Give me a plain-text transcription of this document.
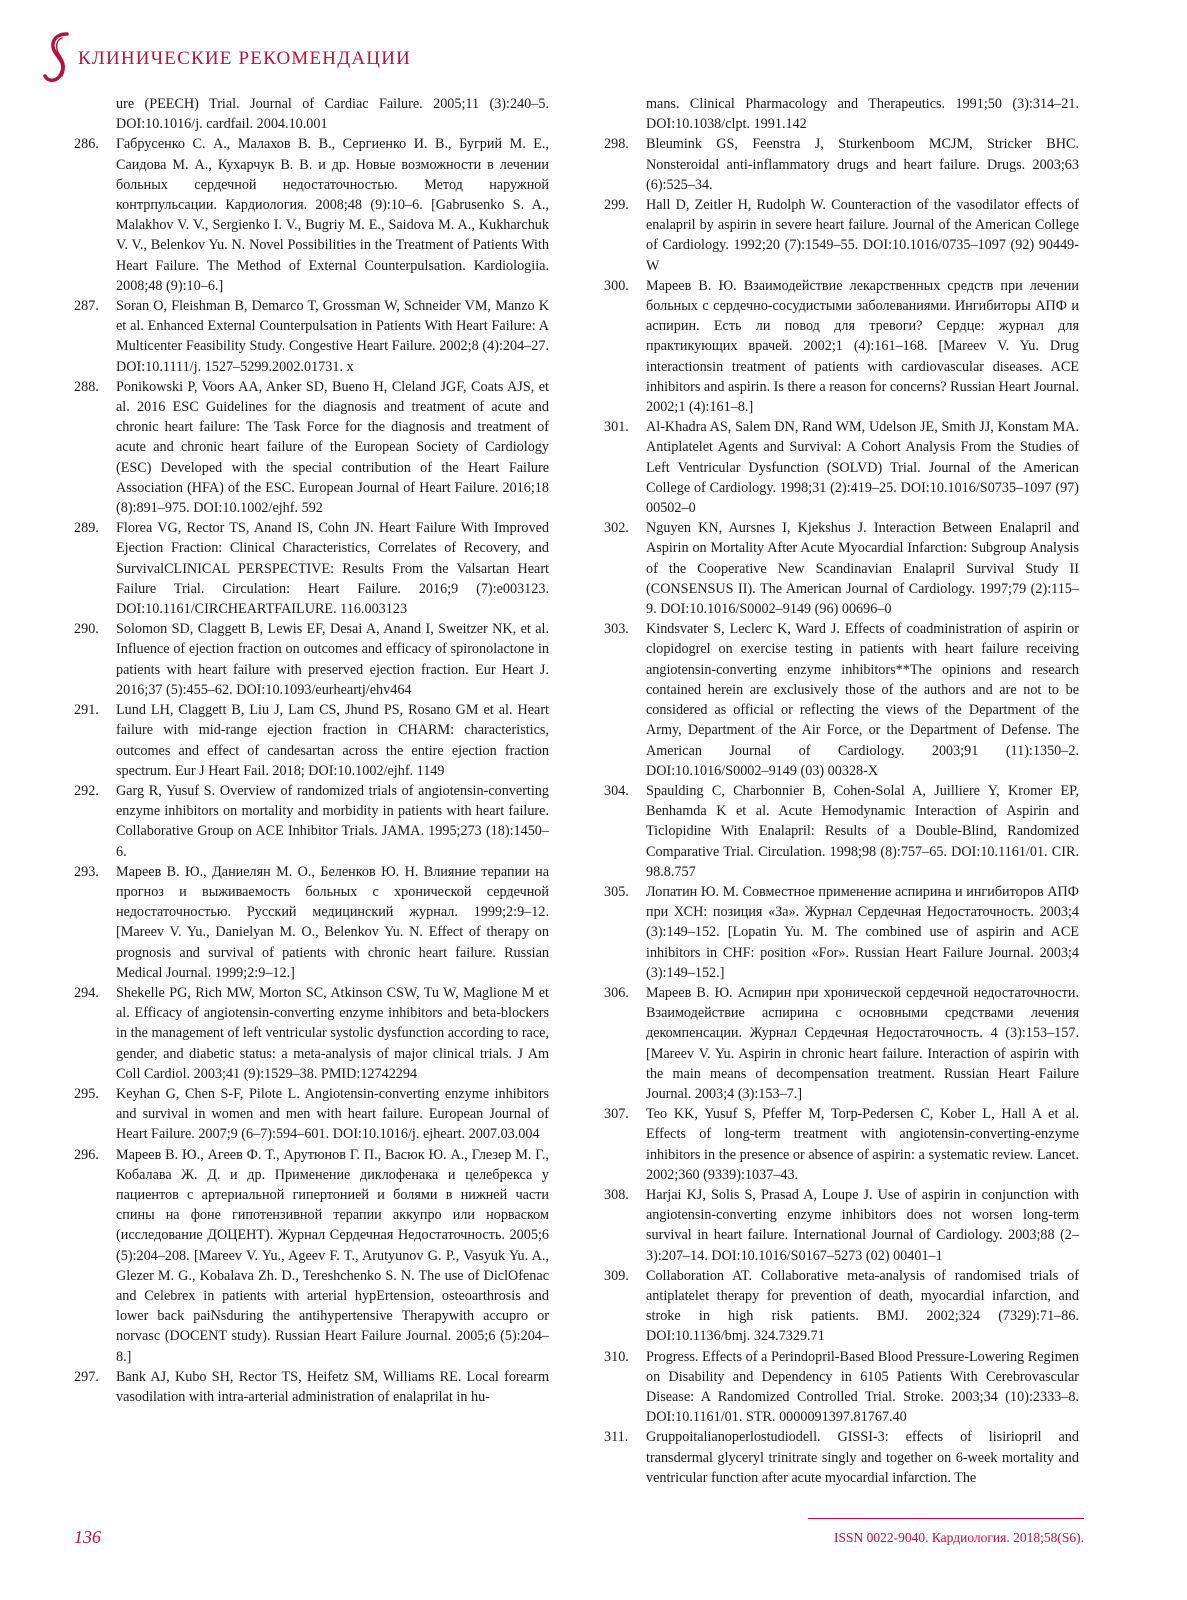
КЛИНИЧЕСКИЕ РЕКОМЕНДАЦИИ
ure (PEECH) Trial. Journal of Cardiac Failure. 2005;11 (3):240–5. DOI:10.1016/j. cardfail. 2004.10.001
286.	Габрусенко С. А., Малахов В. В., Сергиенко И. В., Бугрий М. Е., Саидова М. А., Кухарчук В. В. и др. Новые возможности в лечении больных сердечной недостаточностью. Метод наружной контрпульсации. Кардиология. 2008;48 (9):10–6. [Gabrusenko S. A., Malakhov V. V., Sergienko I. V., Bugriy M. E., Saidova M. A., Kukharchuk V. V., Belenkov Yu. N. Novel Possibilities in the Treatment of Patients With Heart Failure. The Method of External Counterpulsation. Kardiologiia. 2008;48 (9):10–6.]
287.	Soran O, Fleishman B, Demarco T, Grossman W, Schneider VM, Manzo K et al. Enhanced External Counterpulsation in Patients With Heart Failure: A Multicenter Feasibility Study. Congestive Heart Failure. 2002;8 (4):204–27. DOI:10.1111/j. 1527–5299.2002.01731. x
288.	Ponikowski P, Voors AA, Anker SD, Bueno H, Cleland JGF, Coats AJS, et al. 2016 ESC Guidelines for the diagnosis and treatment of acute and chronic heart failure: The Task Force for the diagnosis and treatment of acute and chronic heart failure of the European Society of Cardiology (ESC) Developed with the special contribution of the Heart Failure Association (HFA) of the ESC. European Journal of Heart Failure. 2016;18 (8):891–975. DOI:10.1002/ejhf. 592
289.	Florea VG, Rector TS, Anand IS, Cohn JN. Heart Failure With Improved Ejection Fraction: Clinical Characteristics, Correlates of Recovery, and SurvivalCLINICAL PERSPECTIVE: Results From the Valsartan Heart Failure Trial. Circulation: Heart Failure. 2016;9 (7):e003123. DOI:10.1161/CIRCHEARTFAILURE. 116.003123
290.	Solomon SD, Claggett B, Lewis EF, Desai A, Anand I, Sweitzer NK, et al. Influence of ejection fraction on outcomes and efficacy of spironolactone in patients with heart failure with preserved ejection fraction. Eur Heart J. 2016;37 (5):455–62. DOI:10.1093/eurheartj/ehv464
291.	Lund LH, Claggett B, Liu J, Lam CS, Jhund PS, Rosano GM et al. Heart failure with mid-range ejection fraction in CHARM: characteristics, outcomes and effect of candesartan across the entire ejection fraction spectrum. Eur J Heart Fail. 2018; DOI:10.1002/ejhf. 1149
292.	Garg R, Yusuf S. Overview of randomized trials of angiotensin-converting enzyme inhibitors on mortality and morbidity in patients with heart failure. Collaborative Group on ACE Inhibitor Trials. JAMA. 1995;273 (18):1450–6.
293.	Мареев В. Ю., Даниелян М. О., Беленков Ю. Н. Влияние терапии на прогноз и выживаемость больных с хронической сердечной недостаточностью. Русский медицинский журнал. 1999;2:9–12. [Mareev V. Yu., Danielyan M. O., Belenkov Yu. N. Effect of therapy on prognosis and survival of patients with chronic heart failure. Russian Medical Journal. 1999;2:9–12.]
294.	Shekelle PG, Rich MW, Morton SC, Atkinson CSW, Tu W, Maglione M et al. Efficacy of angiotensin-converting enzyme inhibitors and beta-blockers in the management of left ventricular systolic dysfunction according to race, gender, and diabetic status: a meta-analysis of major clinical trials. J Am Coll Cardiol. 2003;41 (9):1529–38. PMID:12742294
295.	Keyhan G, Chen S-F, Pilote L. Angiotensin-converting enzyme inhibitors and survival in women and men with heart failure. European Journal of Heart Failure. 2007;9 (6–7):594–601. DOI:10.1016/j. ejheart. 2007.03.004
296.	Мареев В. Ю., Агеев Ф. Т., Арутюнов Г. П., Васюк Ю. А., Глезер М. Г., Кобалава Ж. Д. и др. Применение диклофенака и целебрекса у пациентов с артериальной гипертонией и болями в нижней части спины на фоне гипотензивной терапии аккупро или норваском (исследование ДОЦЕНТ). Журнал Сердечная Недостаточность. 2005;6 (5):204–208. [Mareev V. Yu., Ageev F. T., Arutyunov G. P., Vasyuk Yu. A., Glezer M. G., Kobalava Zh. D., Tereshchenko S. N. The use of DiclOfenac and Celebrex in patients with arterial hypErtension, osteoarthrosis and lower back paiNsduring the antihypertensive Therapywith accupro or norvasc (DOCENT study). Russian Heart Failure Journal. 2005;6 (5):204–8.]
297.	Bank AJ, Kubo SH, Rector TS, Heifetz SM, Williams RE. Local forearm vasodilation with intra-arterial administration of enalaprilat in hu-
mans. Clinical Pharmacology and Therapeutics. 1991;50 (3):314–21. DOI:10.1038/clpt. 1991.142
298.	Bleumink GS, Feenstra J, Sturkenboom MCJM, Stricker BHC. Nonsteroidal anti-inflammatory drugs and heart failure. Drugs. 2003;63 (6):525–34.
299.	Hall D, Zeitler H, Rudolph W. Counteraction of the vasodilator effects of enalapril by aspirin in severe heart failure. Journal of the American College of Cardiology. 1992;20 (7):1549–55. DOI:10.1016/0735–1097 (92) 90449-W
300.	Мареев В. Ю. Взаимодействие лекарственных средств при лечении больных с сердечно-сосудистыми заболеваниями. Ингибиторы АПФ и аспирин. Есть ли повод для тревоги? Сердце: журнал для практикующих врачей. 2002;1 (4):161–168. [Mareev V. Yu. Drug interactionsin treatment of patients with cardiovascular diseases. ACE inhibitors and aspirin. Is there a reason for concerns? Russian Heart Journal. 2002;1 (4):161–8.]
301.	Al-Khadra AS, Salem DN, Rand WM, Udelson JE, Smith JJ, Konstam MA. Antiplatelet Agents and Survival: A Cohort Analysis From the Studies of Left Ventricular Dysfunction (SOLVD) Trial. Journal of the American College of Cardiology. 1998;31 (2):419–25. DOI:10.1016/S0735–1097 (97) 00502–0
302.	Nguyen KN, Aursnes I, Kjekshus J. Interaction Between Enalapril and Aspirin on Mortality After Acute Myocardial Infarction: Subgroup Analysis of the Cooperative New Scandinavian Enalapril Survival Study II (CONSENSUS II). The American Journal of Cardiology. 1997;79 (2):115–9. DOI:10.1016/S0002–9149 (96) 00696–0
303.	Kindsvater S, Leclerc K, Ward J. Effects of coadministration of aspirin or clopidogrel on exercise testing in patients with heart failure receiving angiotensin-converting enzyme inhibitors**The opinions and research contained herein are exclusively those of the authors and are not to be considered as official or reflecting the views of the Department of the Army, Department of the Air Force, or the Department of Defense. The American Journal of Cardiology. 2003;91 (11):1350–2. DOI:10.1016/S0002–9149 (03) 00328-X
304.	Spaulding C, Charbonnier B, Cohen-Solal A, Juilliere Y, Kromer EP, Benhamda K et al. Acute Hemodynamic Interaction of Aspirin and Ticlopidine With Enalapril: Results of a Double-Blind, Randomized Comparative Trial. Circulation. 1998;98 (8):757–65. DOI:10.1161/01. CIR. 98.8.757
305.	Лопатин Ю. М. Совместное применение аспирина и ингибиторов АПФ при ХСН: позиция «За». Журнал Сердечная Недостаточность. 2003;4 (3):149–152. [Lopatin Yu. M. The combined use of aspirin and ACE inhibitors in CHF: position «For». Russian Heart Failure Journal. 2003;4 (3):149–152.]
306.	Мареев В. Ю. Аспирин при хронической сердечной недостаточности. Взаимодействие аспирина с основными средствами лечения декомпенсации. Журнал Сердечная Недостаточность. 4 (3):153–157. [Mareev V. Yu. Aspirin in chronic heart failure. Interaction of aspirin with the main means of decompensation treatment. Russian Heart Failure Journal. 2003;4 (3):153–7.]
307.	Teo KK, Yusuf S, Pfeffer M, Torp-Pedersen C, Kober L, Hall A et al. Effects of long-term treatment with angiotensin-converting-enzyme inhibitors in the presence or absence of aspirin: a systematic review. Lancet. 2002;360 (9339):1037–43.
308.	Harjai KJ, Solis S, Prasad A, Loupe J. Use of aspirin in conjunction with angiotensin-converting enzyme inhibitors does not worsen long-term survival in heart failure. International Journal of Cardiology. 2003;88 (2–3):207–14. DOI:10.1016/S0167–5273 (02) 00401–1
309.	Collaboration AT. Collaborative meta-analysis of randomised trials of antiplatelet therapy for prevention of death, myocardial infarction, and stroke in high risk patients. BMJ. 2002;324 (7329):71–86. DOI:10.1136/bmj. 324.7329.71
310.	Progress. Effects of a Perindopril-Based Blood Pressure-Lowering Regimen on Disability and Dependency in 6105 Patients With Cerebrovascular Disease: A Randomized Controlled Trial. Stroke. 2003;34 (10):2333–8. DOI:10.1161/01. STR. 0000091397.81767.40
311.	Gruppoitalianoperlostudiodell. GISSI-3: effects of lisiriopril and transdermal glyceryl trinitrate singly and together on 6-week mortality and ventricular function after acute myocardial infarction. The
136	ISSN 0022-9040. Кардиология. 2018;58(S6).
